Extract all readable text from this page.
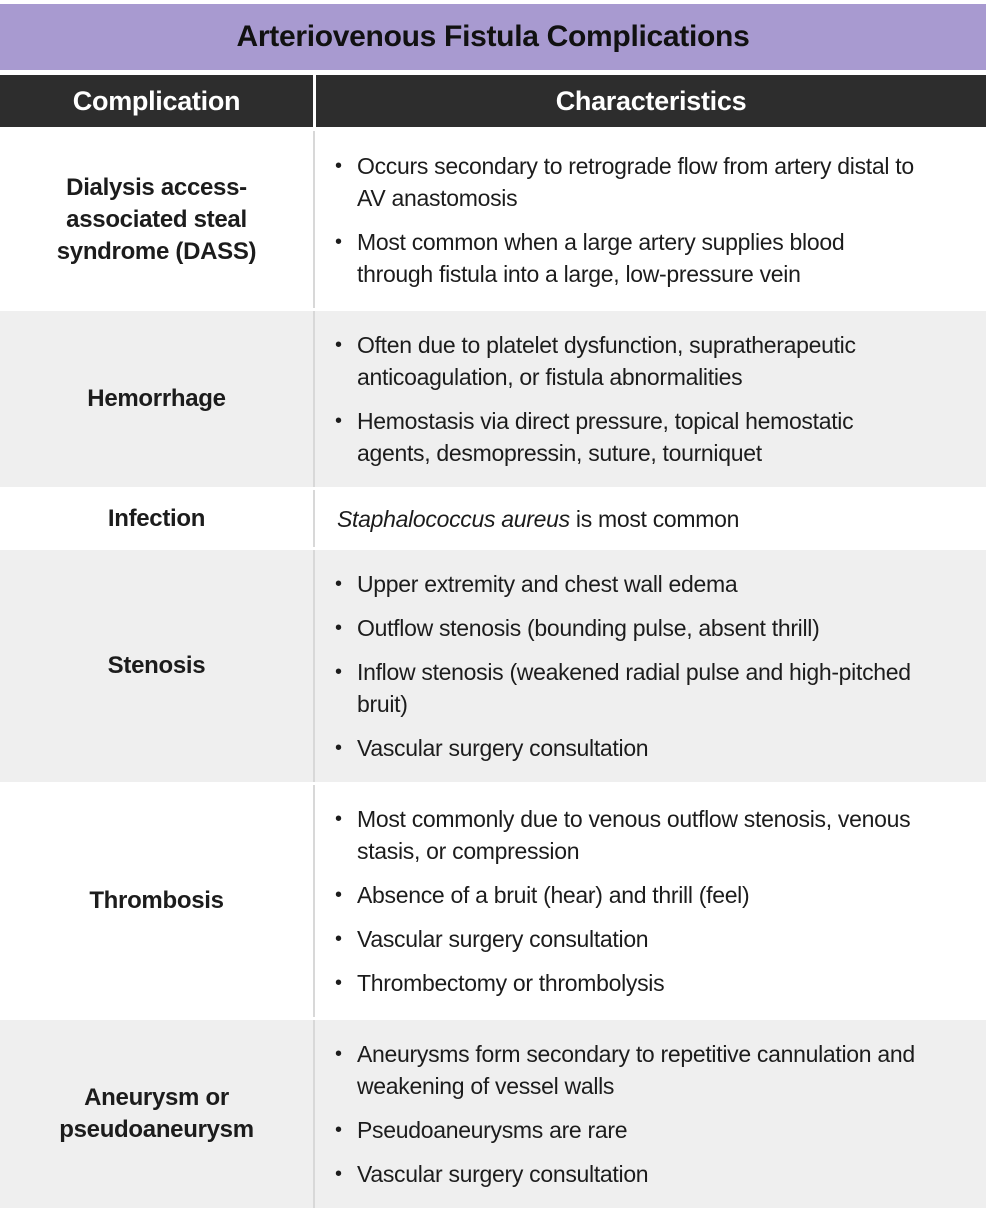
Arteriovenous Fistula Complications
Complication	Characteristics
Dialysis access-associated steal syndrome (DASS)
• Occurs secondary to retrograde flow from artery distal to AV anastomosis
• Most common when a large artery supplies blood through fistula into a large, low-pressure vein
Hemorrhage
• Often due to platelet dysfunction, supratherapeutic anticoagulation, or fistula abnormalities
• Hemostasis via direct pressure, topical hemostatic agents, desmopressin, suture, tourniquet
Infection	Staphalococcus aureus is most common
Stenosis
• Upper extremity and chest wall edema
• Outflow stenosis (bounding pulse, absent thrill)
• Inflow stenosis (weakened radial pulse and high-pitched bruit)
• Vascular surgery consultation
Thrombosis
• Most commonly due to venous outflow stenosis, venous stasis, or compression
• Absence of a bruit (hear) and thrill (feel)
• Vascular surgery consultation
• Thrombectomy or thrombolysis
Aneurysm or pseudoaneurysm
• Aneurysms form secondary to repetitive cannulation and weakening of vessel walls
• Pseudoaneurysms are rare
• Vascular surgery consultation
